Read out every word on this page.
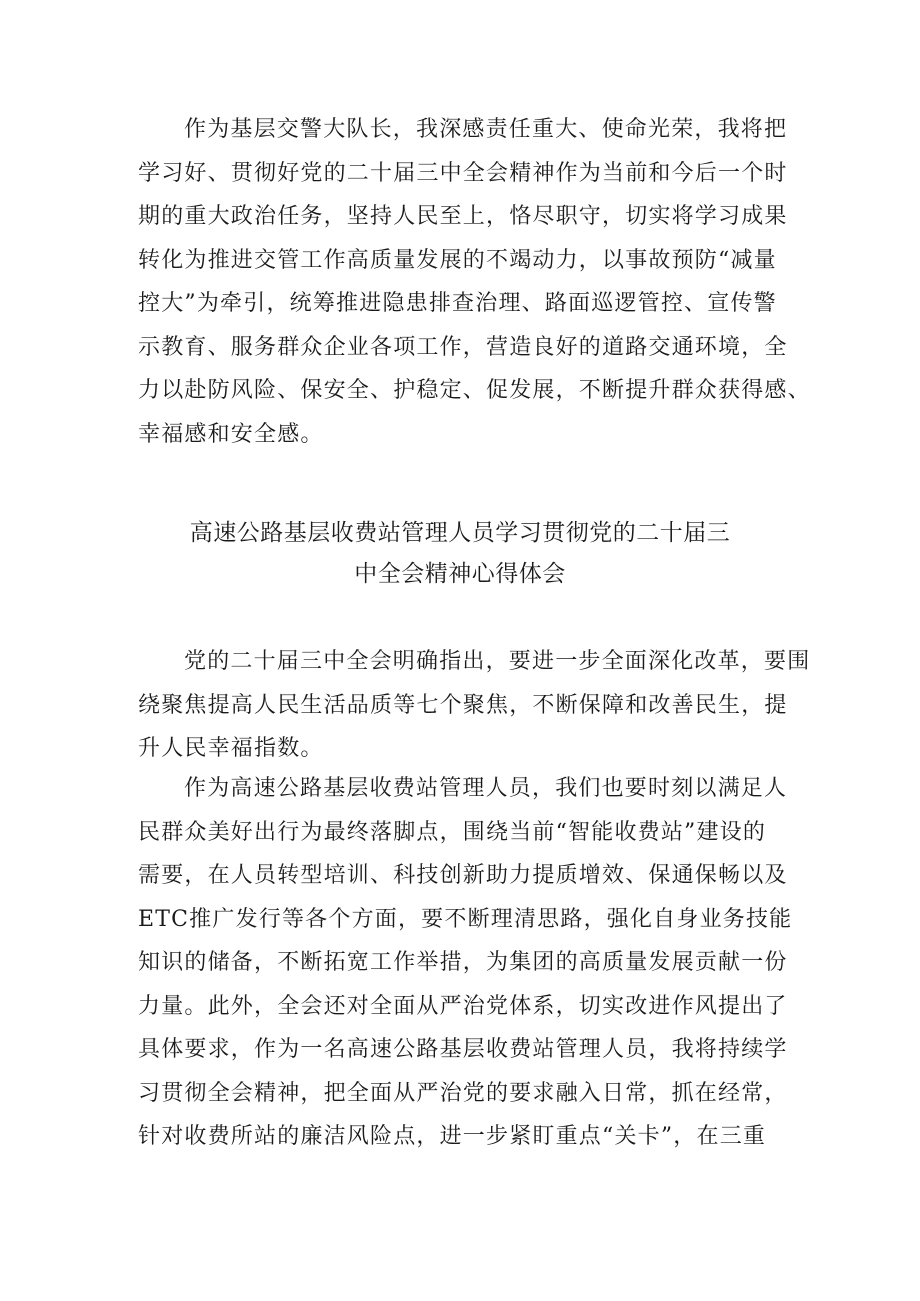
作为基层交警大队长，我深感责任重大、使命光荣，我将把
学习好、贯彻好党的二十届三中全会精神作为当前和今后一个时
期的重大政治任务，坚持人民至上，恪尽职守，切实将学习成果
转化为推进交管工作高质量发展的不竭动力，以事故预防“减量
控大”为牵引，统筹推进隐患排查治理、路面巡逻管控、宣传警
示教育、服务群众企业各项工作，营造良好的道路交通环境，全
力以赴防风险、保安全、护稳定、促发展，不断提升群众获得感、
幸福感和安全感。
高速公路基层收费站管理人员学习贯彻党的二十届三
中全会精神心得体会
党的二十届三中全会明确指出，要进一步全面深化改革，要围
绕聚焦提高人民生活品质等七个聚焦，不断保障和改善民生，提
升人民幸福指数。
作为高速公路基层收费站管理人员，我们也要时刻以满足人
民群众美好出行为最终落脚点，围绕当前“智能收费站”建设的
需要，在人员转型培训、科技创新助力提质增效、保通保畅以及
ETC推广发行等各个方面，要不断理清思路，强化自身业务技能
知识的储备，不断拓宽工作举措，为集团的高质量发展贡献一份
力量。此外，全会还对全面从严治党体系，切实改进作风提出了
具体要求，作为一名高速公路基层收费站管理人员，我将持续学
习贯彻全会精神，把全面从严治党的要求融入日常，抓在经常，
针对收费所站的廉洁风险点，进一步紧盯重点“关卡”，在三重
